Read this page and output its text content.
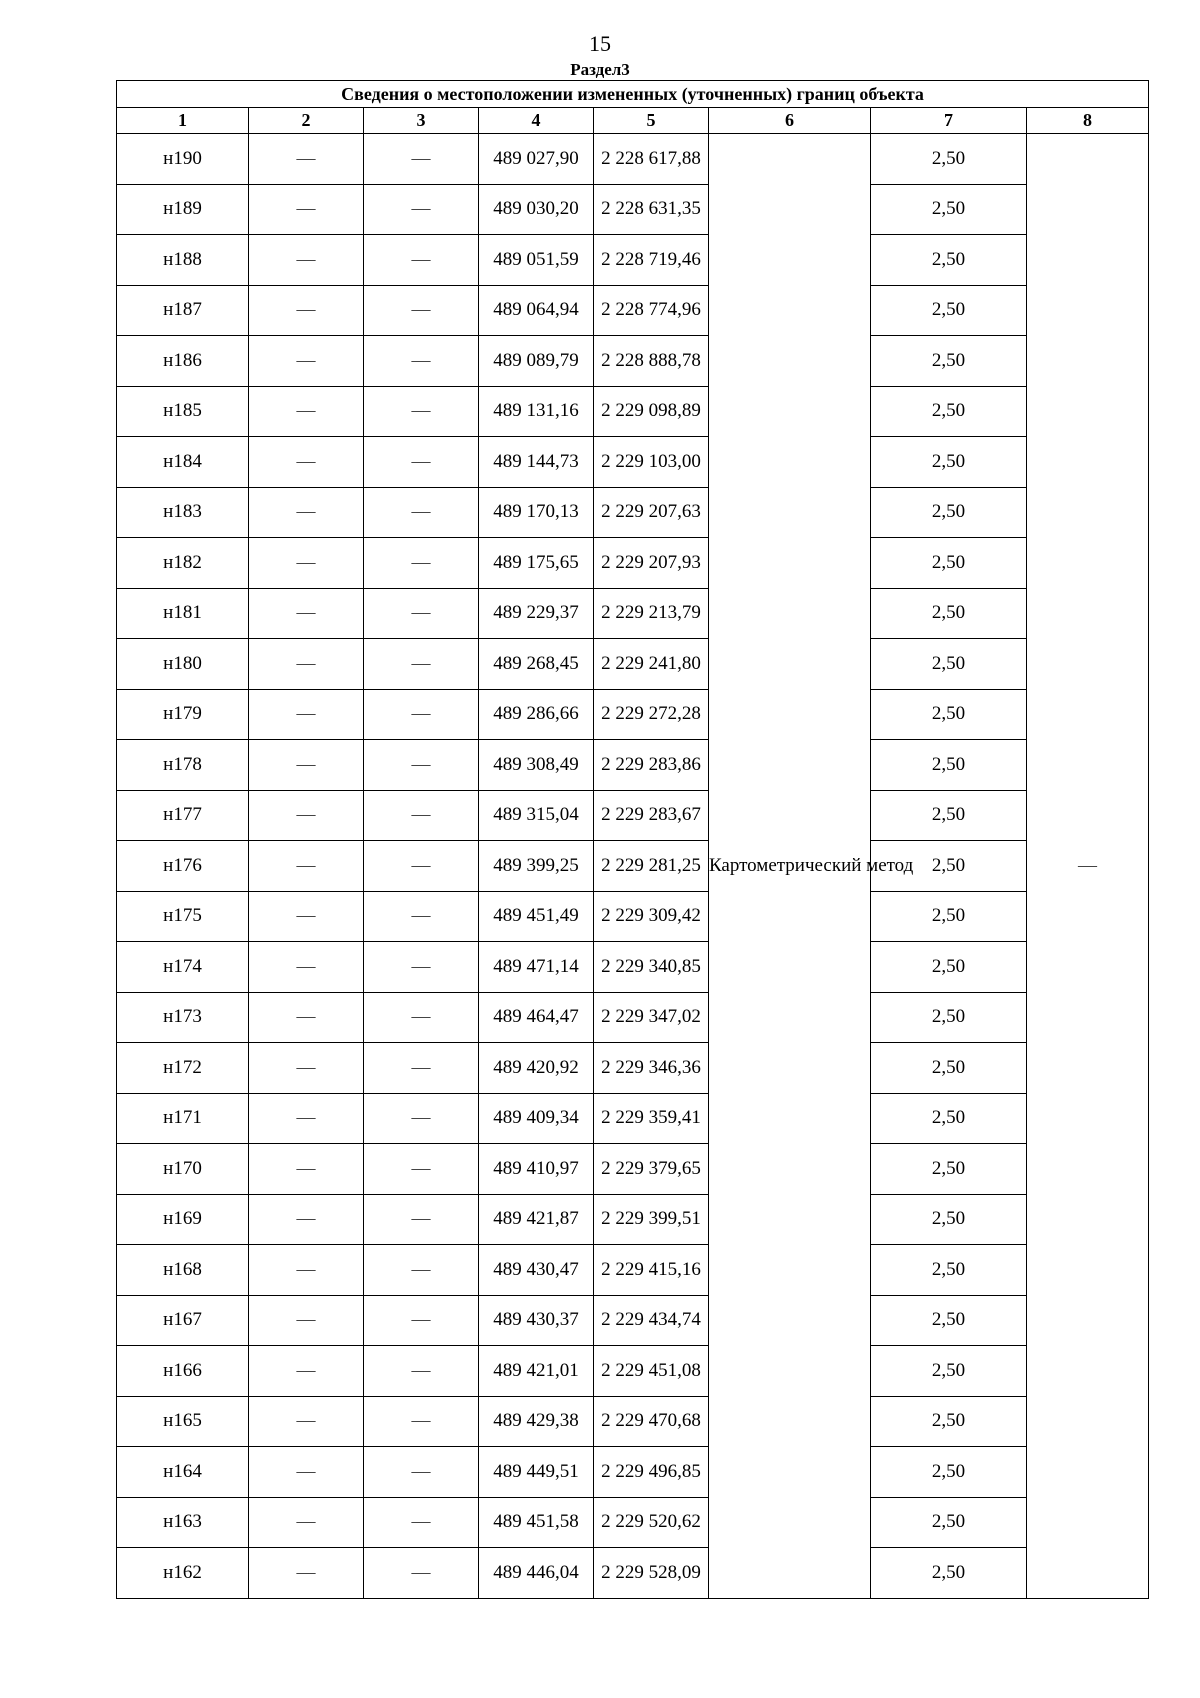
15
Раздел3
Сведения о местоположении измененных (уточненных) границ объекта							
1	2	3	4	5	6	7	8
н190	—	—	489 027,90	2 228 617,88	Картометрический метод	2,50	—
н189	—	—	489 030,20	2 228 631,35		2,50	
н188	—	—	489 051,59	2 228 719,46		2,50	
н187	—	—	489 064,94	2 228 774,96		2,50	
н186	—	—	489 089,79	2 228 888,78		2,50	
н185	—	—	489 131,16	2 229 098,89		2,50	
н184	—	—	489 144,73	2 229 103,00		2,50	
н183	—	—	489 170,13	2 229 207,63		2,50	
н182	—	—	489 175,65	2 229 207,93		2,50	
н181	—	—	489 229,37	2 229 213,79		2,50	
н180	—	—	489 268,45	2 229 241,80		2,50	
н179	—	—	489 286,66	2 229 272,28		2,50	
н178	—	—	489 308,49	2 229 283,86		2,50	
н177	—	—	489 315,04	2 229 283,67		2,50	
н176	—	—	489 399,25	2 229 281,25		2,50	
н175	—	—	489 451,49	2 229 309,42		2,50	
н174	—	—	489 471,14	2 229 340,85		2,50	
н173	—	—	489 464,47	2 229 347,02		2,50	
н172	—	—	489 420,92	2 229 346,36		2,50	
н171	—	—	489 409,34	2 229 359,41		2,50	
н170	—	—	489 410,97	2 229 379,65		2,50	
н169	—	—	489 421,87	2 229 399,51		2,50	
н168	—	—	489 430,47	2 229 415,16		2,50	
н167	—	—	489 430,37	2 229 434,74		2,50	
н166	—	—	489 421,01	2 229 451,08		2,50	
н165	—	—	489 429,38	2 229 470,68		2,50	
н164	—	—	489 449,51	2 229 496,85		2,50	
н163	—	—	489 451,58	2 229 520,62		2,50	
н162	—	—	489 446,04	2 229 528,09		2,50	
